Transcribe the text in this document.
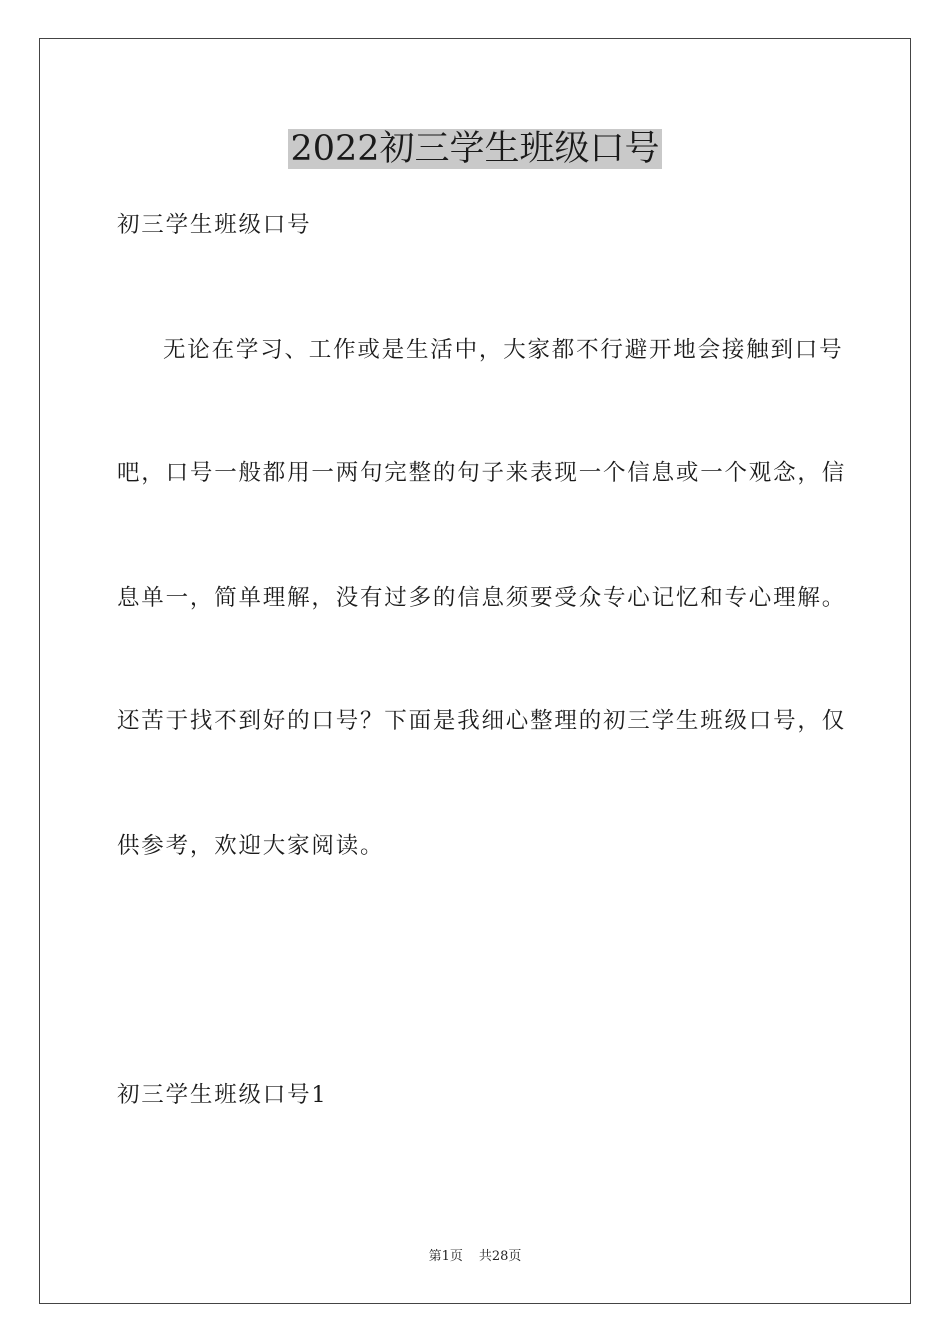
2022初三学生班级口号
初三学生班级口号
无论在学习、工作或是生活中，大家都不行避开地会接触到口号
吧，口号一般都用一两句完整的句子来表现一个信息或一个观念，信
息单一，简单理解，没有过多的信息须要受众专心记忆和专心理解。
还苦于找不到好的口号？下面是我细心整理的初三学生班级口号，仅
供参考，欢迎大家阅读。
初三学生班级口号1
第1页 共28页
